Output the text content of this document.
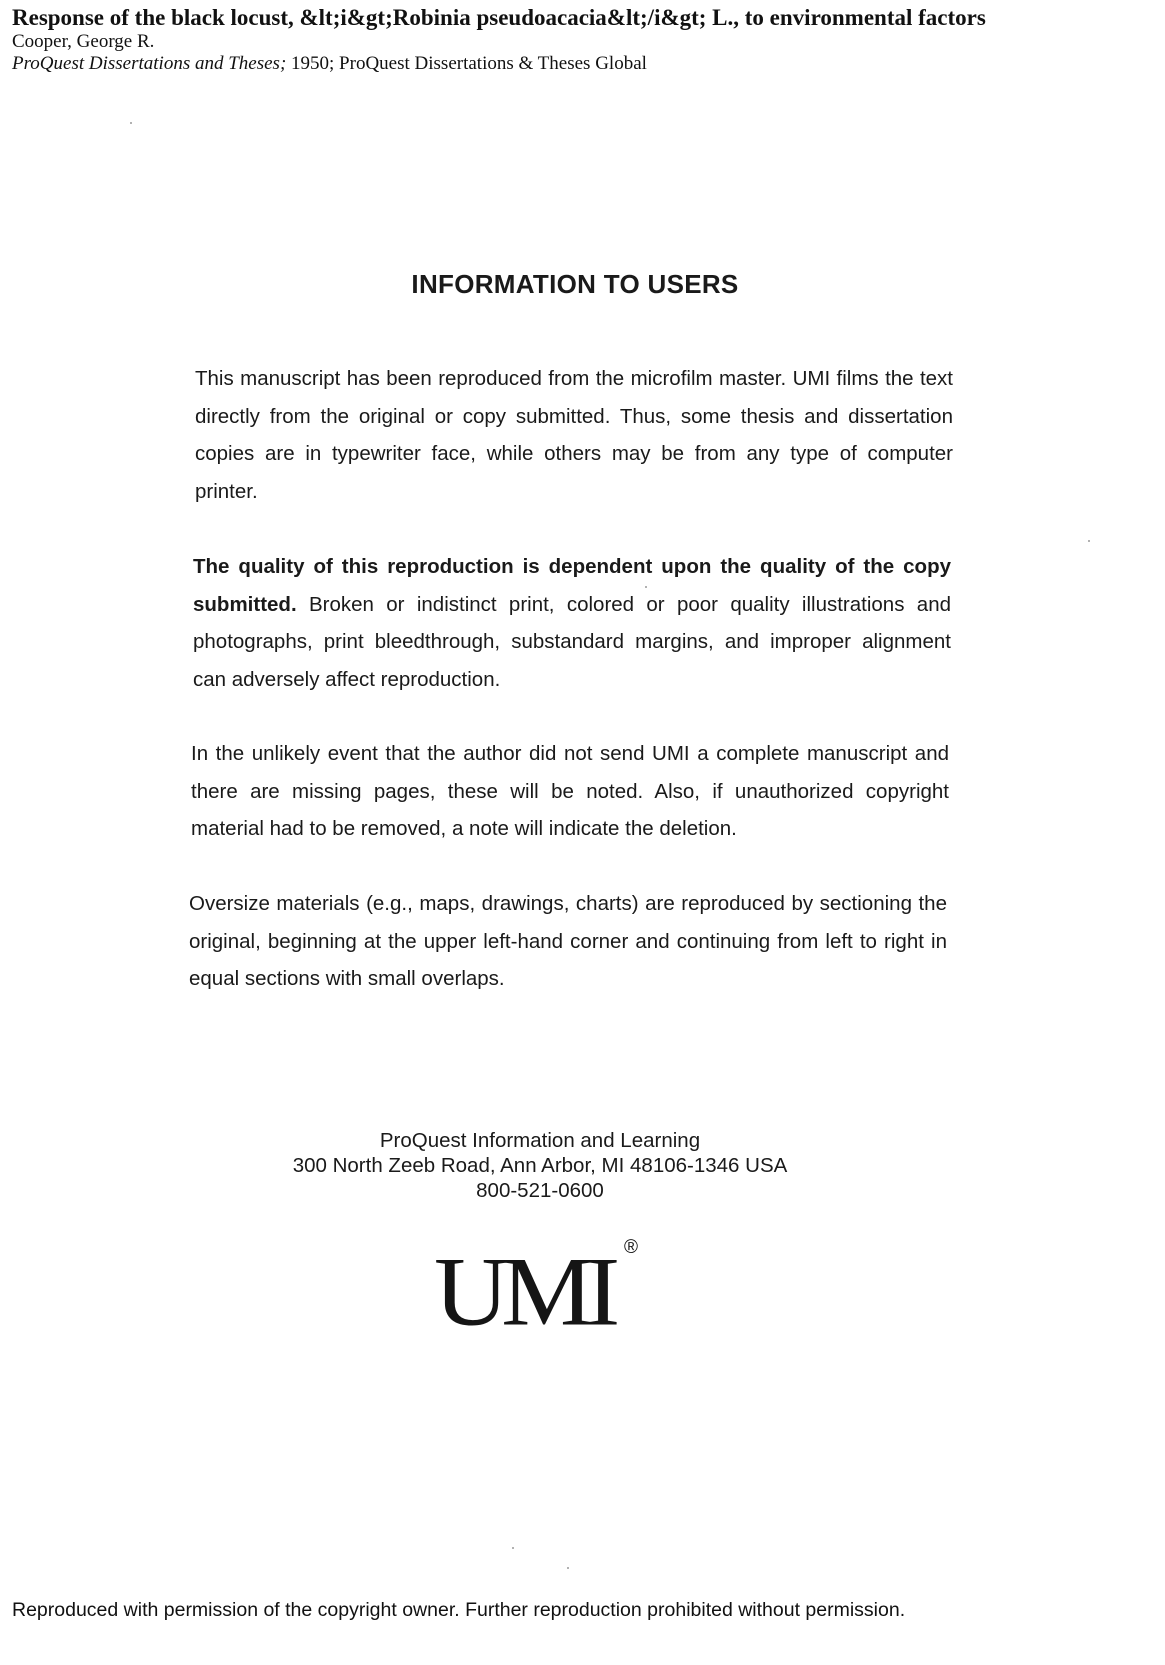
Response of the black locust, &lt;i&gt;Robinia pseudoacacia&lt;/i&gt; L., to environmental factors
Cooper, George R.
ProQuest Dissertations and Theses; 1950; ProQuest Dissertations & Theses Global
INFORMATION TO USERS

This manuscript has been reproduced from the microfilm master. UMI films the text directly from the original or copy submitted. Thus, some thesis and dissertation copies are in typewriter face, while others may be from any type of computer printer.

The quality of this reproduction is dependent upon the quality of the copy submitted. Broken or indistinct print, colored or poor quality illustrations and photographs, print bleedthrough, substandard margins, and improper alignment can adversely affect reproduction.

In the unlikely event that the author did not send UMI a complete manuscript and there are missing pages, these will be noted. Also, if unauthorized copyright material had to be removed, a note will indicate the deletion.

Oversize materials (e.g., maps, drawings, charts) are reproduced by sectioning the original, beginning at the upper left-hand corner and continuing from left to right in equal sections with small overlaps.

ProQuest Information and Learning
300 North Zeeb Road, Ann Arbor, MI 48106-1346 USA
800-521-0600
UMI ®
Reproduced with permission of the copyright owner. Further reproduction prohibited without permission.
